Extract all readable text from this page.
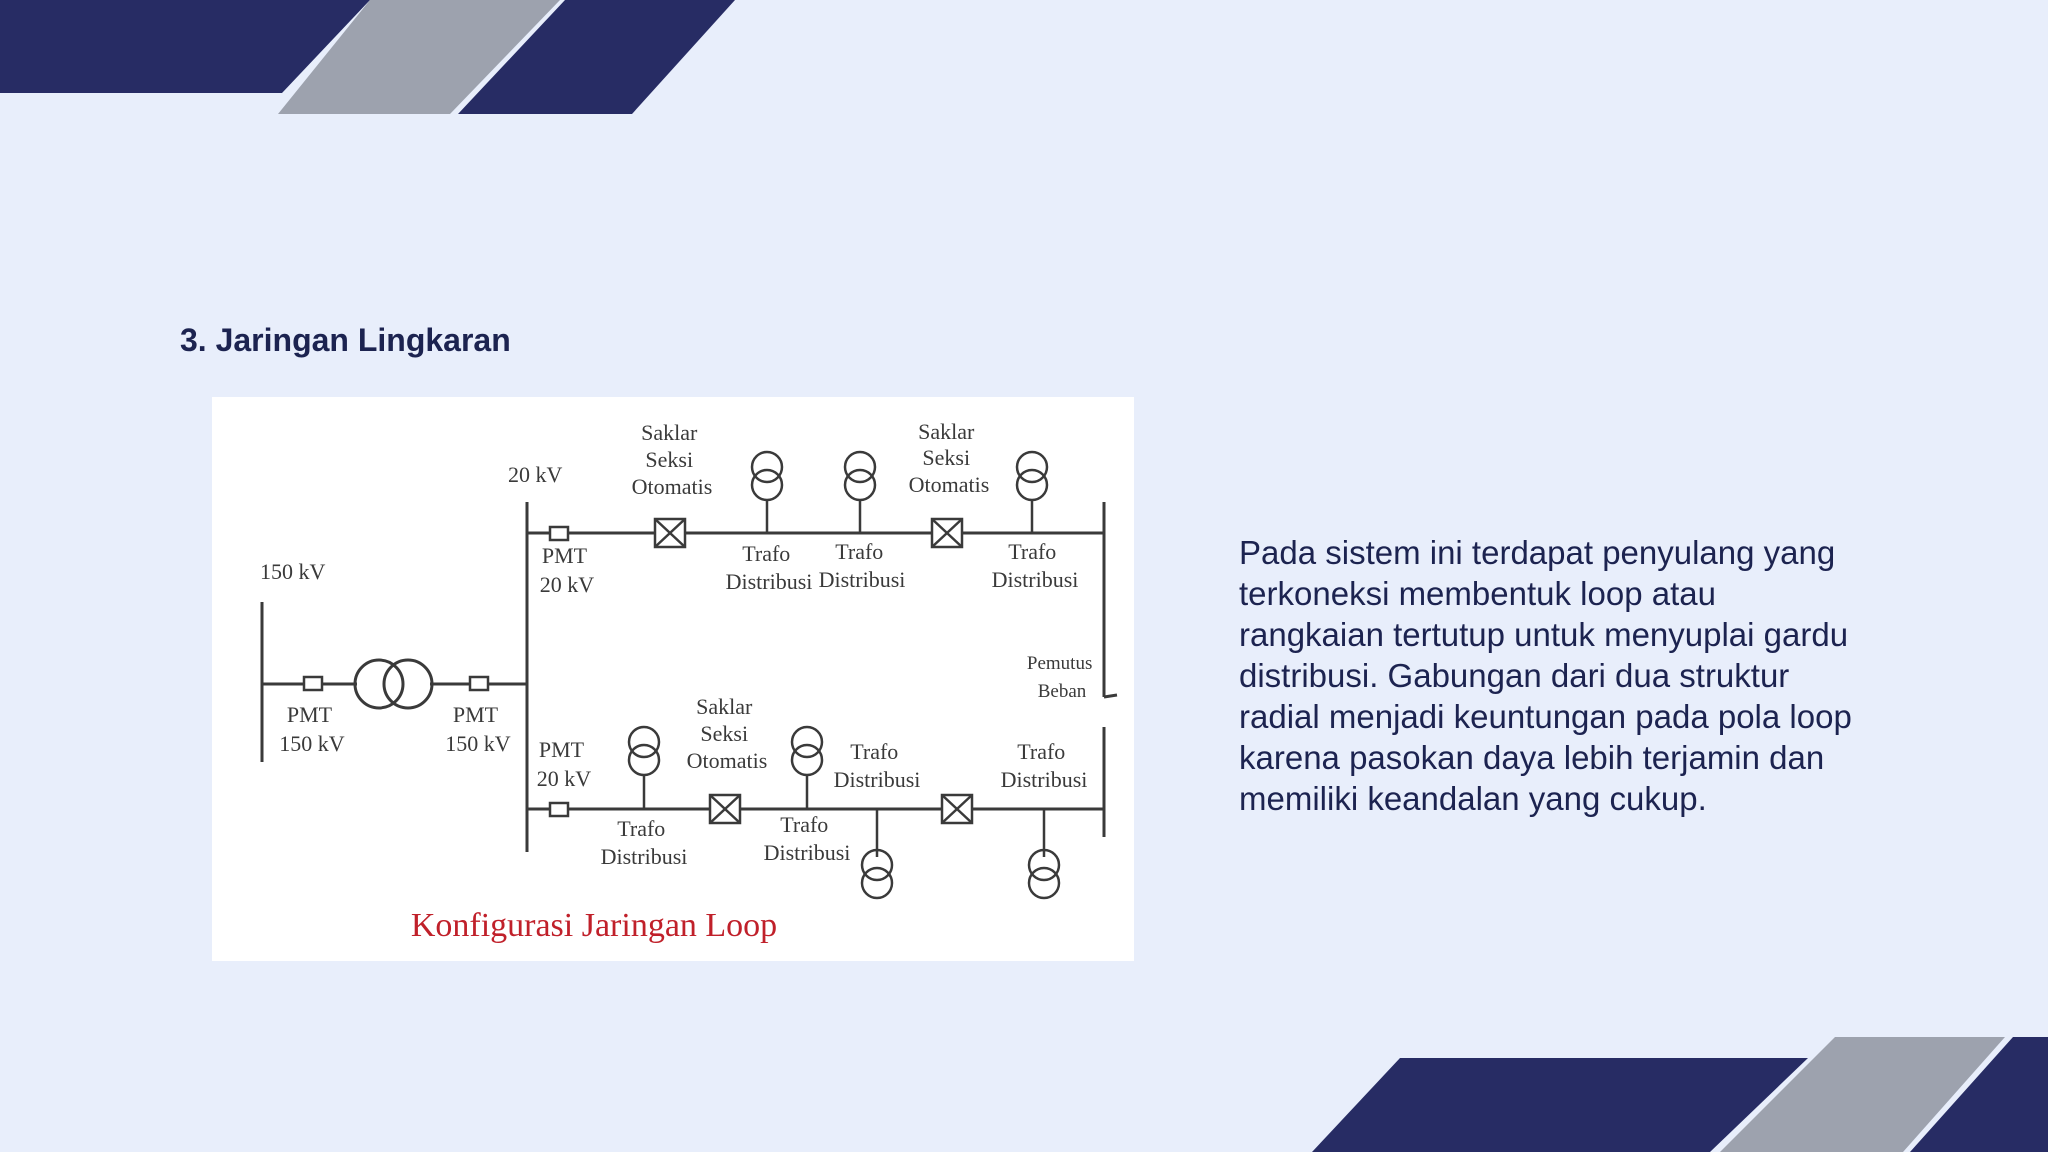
3. Jaringan Lingkaran
150 kV
20 kV
PMT 150 kV
PMT 150 kV
PMT 20 kV
PMT 20 kV
Saklar Seksi Otomatis
Saklar Seksi Otomatis
Saklar Seksi Otomatis
Trafo Distribusi
Trafo Distribusi
Trafo Distribusi
Trafo Distribusi
Trafo Distribusi
Trafo Distribusi
Trafo Distribusi
Pemutus Beban
Konfigurasi Jaringan Loop
Pada sistem ini terdapat penyulang yang terkoneksi membentuk loop atau rangkaian tertutup untuk menyuplai gardu distribusi. Gabungan dari dua struktur radial menjadi keuntungan pada pola loop karena pasokan daya lebih terjamin dan memiliki keandalan yang cukup.
